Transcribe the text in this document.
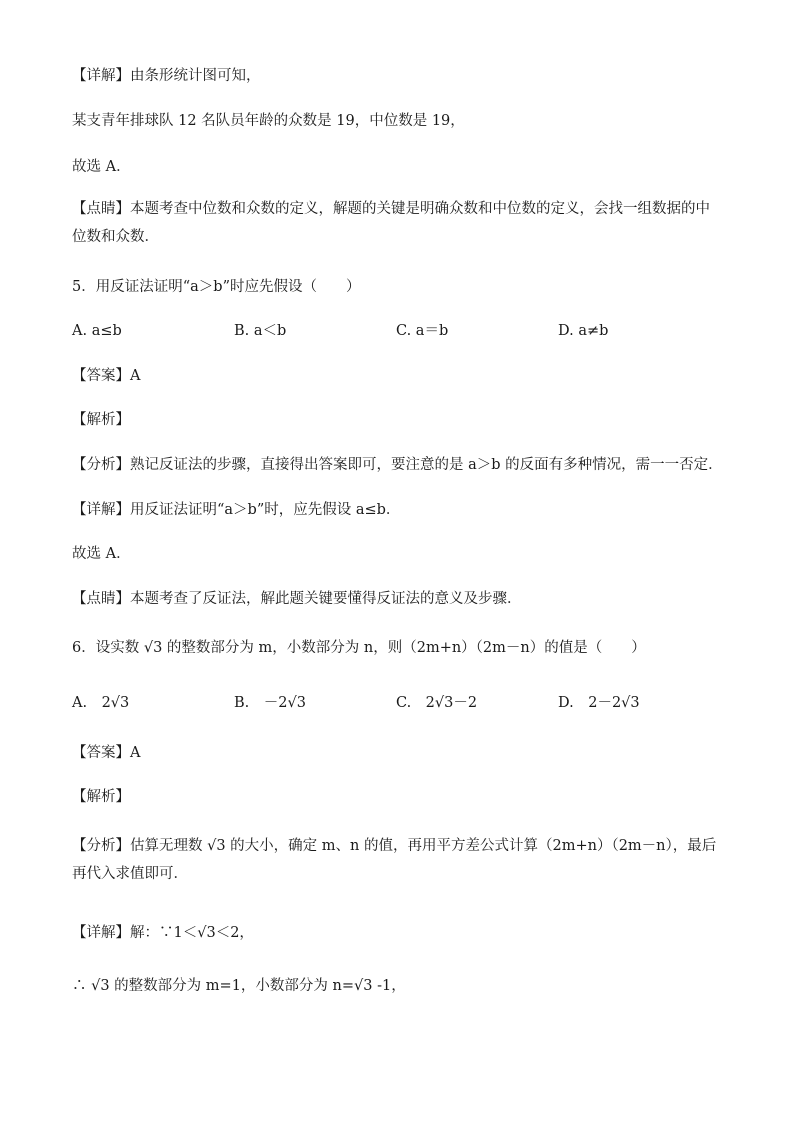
【详解】由条形统计图可知，
某支青年排球队 12 名队员年龄的众数是 19，中位数是 19，
故选 A．
【点睛】本题考查中位数和众数的定义，解题的关键是明确众数和中位数的定义，会找一组数据的中位数和众数．
5．用反证法证明“a＞b”时应先假设（　　）
A. a≤b	B. a＜b	C. a＝b	D. a≠b
【答案】A
【解析】
【分析】熟记反证法的步骤，直接得出答案即可，要注意的是 a＞b 的反面有多种情况，需一一否定．
【详解】用反证法证明“a＞b”时，应先假设 a≤b．
故选 A．
【点睛】本题考查了反证法，解此题关键要懂得反证法的意义及步骤．
6．设实数 √3 的整数部分为 m，小数部分为 n，则（2m+n）（2m－n）的值是（　　）
A.　2√3	B.　－2√3	C.　2√3－2	D.　2－2√3
【答案】A
【解析】
【分析】估算无理数 √3 的大小，确定 m、n 的值，再用平方差公式计算（2m+n）（2m－n），最后再代入求值即可．
【详解】解：∵1＜√3＜2，
∴ √3 的整数部分为 m=1，小数部分为 n=√3 -1，
